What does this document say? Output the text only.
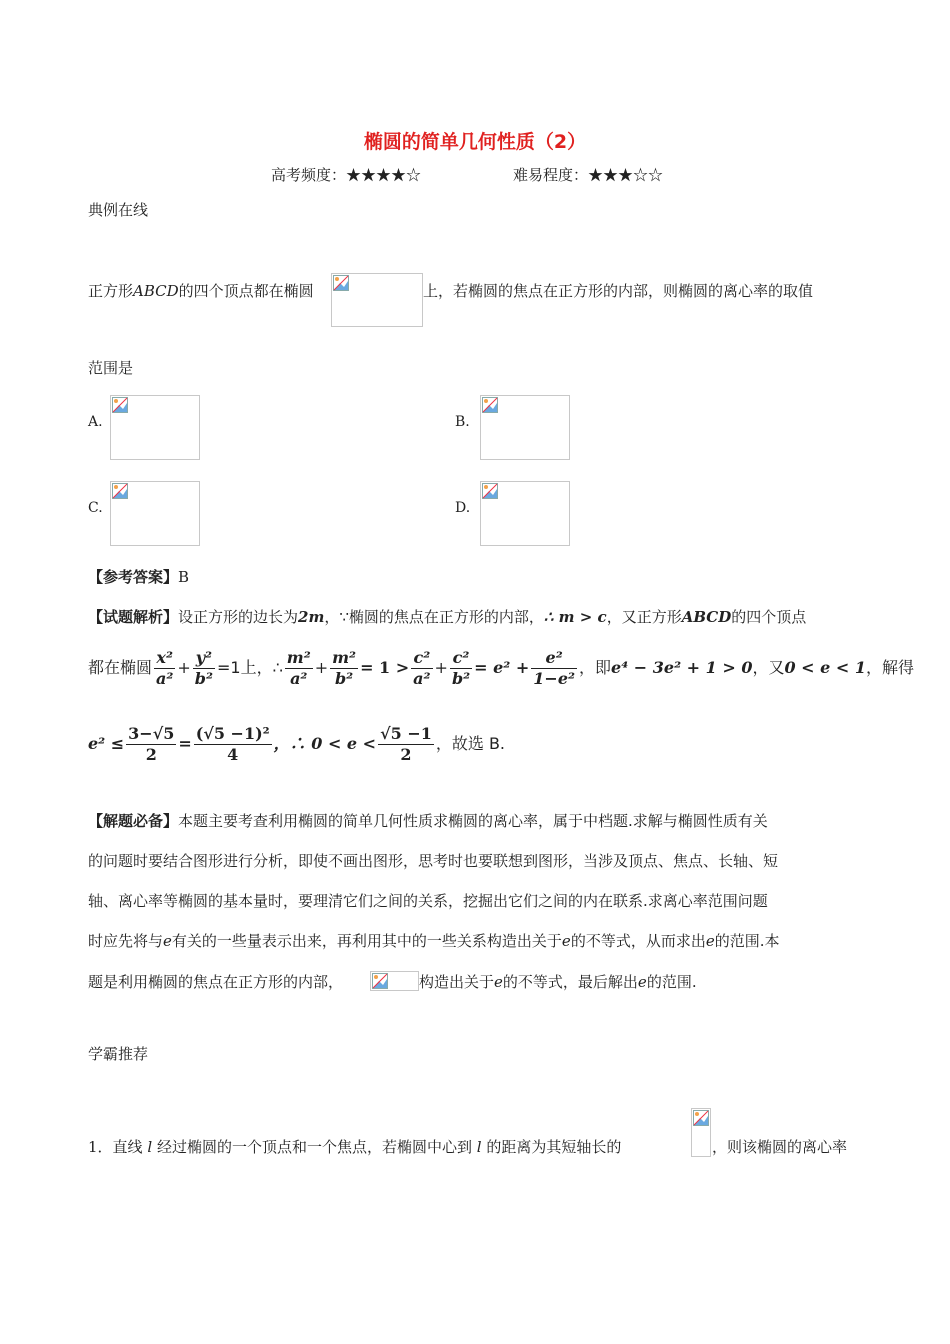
椭圆的简单几何性质（2）
高考频度：★★★★☆	难易程度：★★★☆☆
典例在线
正方形ABCD的四个顶点都在椭圆	上，若椭圆的焦点在正方形的内部，则椭圆的离心率的取值
范围是
A.	B.
C.	D.
【参考答案】B
【试题解析】设正方形的边长为2m，∵椭圆的焦点在正方形的内部，∴ m > c，又正方形ABCD的四个顶点
都在椭圆 $\frac{\text{x²}}{\text{a²}} + \frac{\text{y²}}{\text{b²}} =1$上，∴ $\frac{\text{m²}}{\text{a²}} + \frac{\text{m²}}{\text{b²}} = 1 > \frac{\text{c²}}{\text{a²}} + \frac{\text{c²}}{\text{b²}} = e^2 + \frac{\text{e²}}{\text{1−e²}}$ ，即e⁴ − 3e² + 1 > 0，又0 < e < 1，解得
$e^2 \le \frac{3-√5}{2} = \frac{\text{(√5 −1)²}}{4}$ ，∴ $0 < e < \frac{√5 -1}{2}$ ，故选 B.
【解题必备】本题主要考查利用椭圆的简单几何性质求椭圆的离心率，属于中档题.求解与椭圆性质有关
的问题时要结合图形进行分析，即使不画出图形，思考时也要联想到图形，当涉及顶点、焦点、长轴、短
轴、离心率等椭圆的基本量时，要理清它们之间的关系，挖掘出它们之间的内在联系.求离心率范围问题
时应先将与e有关的一些量表示出来，再利用其中的一些关系构造出关于e的不等式，从而求出e的范围.本
题是利用椭圆的焦点在正方形的内部，	构造出关于e的不等式，最后解出e的范围.
学霸推荐
1．直线 l 经过椭圆的一个顶点和一个焦点，若椭圆中心到 l 的距离为其短轴长的	，则该椭圆的离心率
